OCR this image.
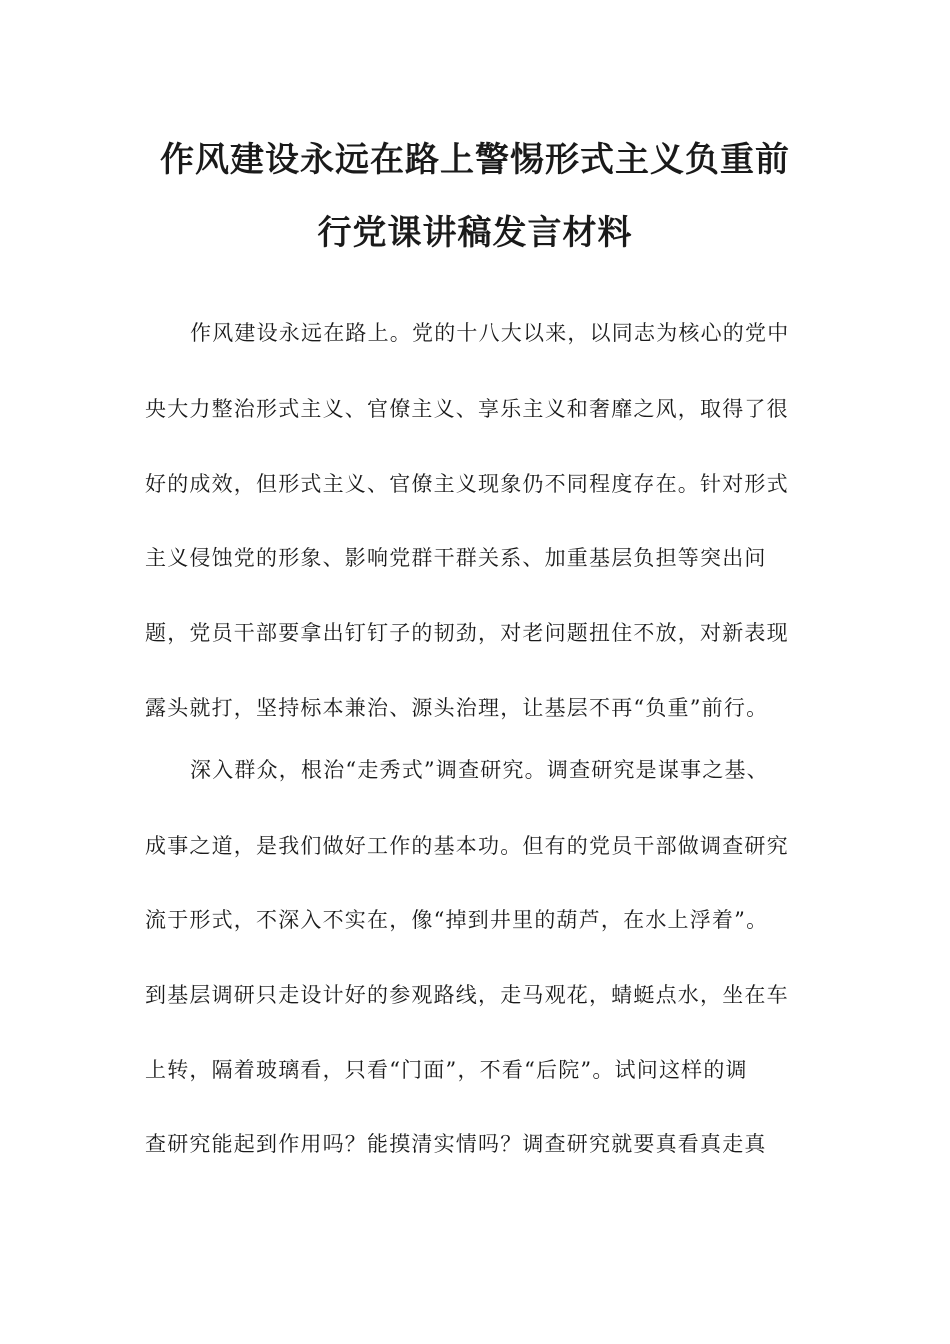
作风建设永远在路上警惕形式主义负重前
行党课讲稿发言材料
作风建设永远在路上。党的十八大以来，以同志为核心的党中
央大力整治形式主义、官僚主义、享乐主义和奢靡之风，取得了很
好的成效，但形式主义、官僚主义现象仍不同程度存在。针对形式
主义侵蚀党的形象、影响党群干群关系、加重基层负担等突出问
题，党员干部要拿出钉钉子的韧劲，对老问题扭住不放，对新表现
露头就打，坚持标本兼治、源头治理，让基层不再“负重”前行。
深入群众，根治“走秀式”调查研究。调查研究是谋事之基、
成事之道，是我们做好工作的基本功。但有的党员干部做调查研究
流于形式，不深入不实在，像“掉到井里的葫芦，在水上浮着”。
到基层调研只走设计好的参观路线，走马观花，蜻蜓点水，坐在车
上转，隔着玻璃看，只看“门面”，不看“后院”。试问这样的调
查研究能起到作用吗？能摸清实情吗？调查研究就要真看真走真
